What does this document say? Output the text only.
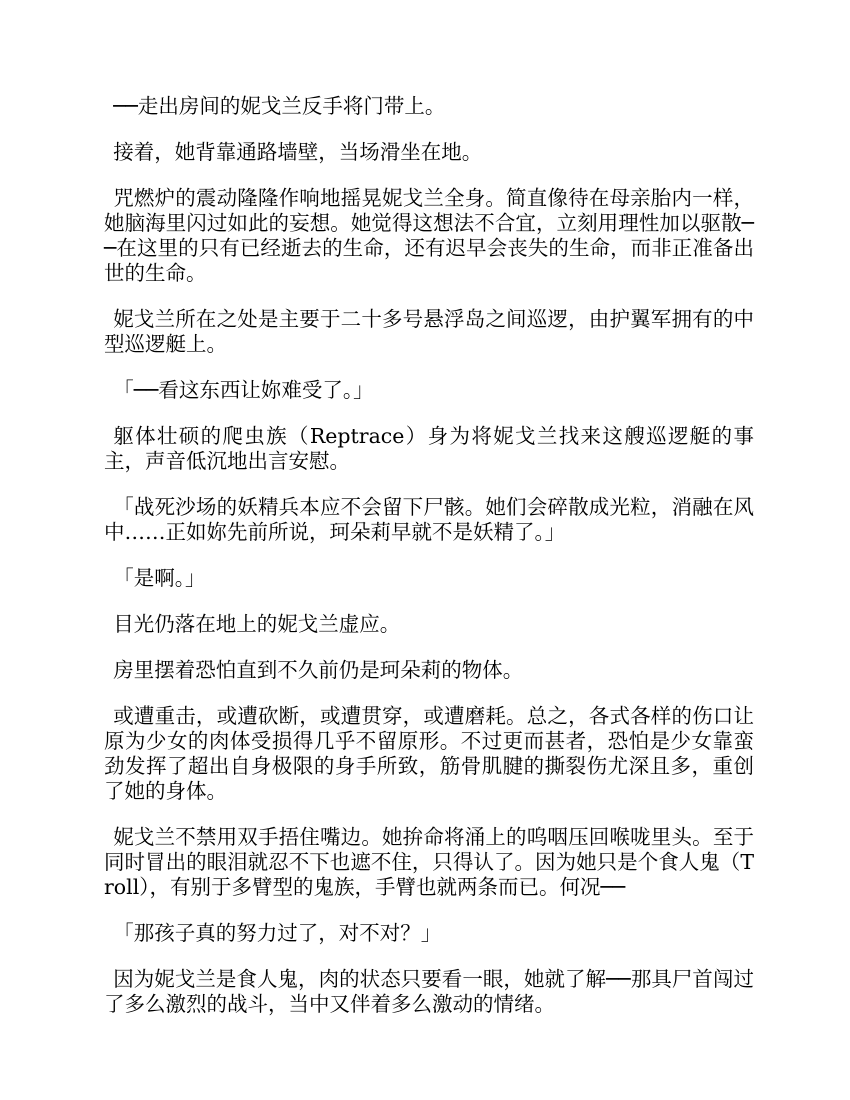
──走出房间的妮戈兰反手将门带上。

接着，她背靠通路墙壁，当场滑坐在地。

咒燃炉的震动隆隆作响地摇晃妮戈兰全身。简直像待在母亲胎内一样，她脑海里闪过如此的妄想。她觉得这想法不合宜，立刻用理性加以驱散──在这里的只有已经逝去的生命，还有迟早会丧失的生命，而非正准备出世的生命。

妮戈兰所在之处是主要于二十多号悬浮岛之间巡逻，由护翼军拥有的中型巡逻艇上。

「──看这东西让妳难受了。」

躯体壮硕的爬虫族（Reptrace）身为将妮戈兰找来这艘巡逻艇的事主，声音低沉地出言安慰。

「战死沙场的妖精兵本应不会留下尸骸。她们会碎散成光粒，消融在风中……正如妳先前所说，珂朵莉早就不是妖精了。」

「是啊。」

目光仍落在地上的妮戈兰虚应。

房里摆着恐怕直到不久前仍是珂朵莉的物体。

或遭重击，或遭砍断，或遭贯穿，或遭磨耗。总之，各式各样的伤口让原为少女的肉体受损得几乎不留原形。不过更而甚者，恐怕是少女靠蛮劲发挥了超出自身极限的身手所致，筋骨肌腱的撕裂伤尤深且多，重创了她的身体。

妮戈兰不禁用双手捂住嘴边。她拚命将涌上的呜咽压回喉咙里头。至于同时冒出的眼泪就忍不下也遮不住，只得认了。因为她只是个食人鬼（Troll），有别于多臂型的鬼族，手臂也就两条而已。何况──

「那孩子真的努力过了，对不对？」

因为妮戈兰是食人鬼，肉的状态只要看一眼，她就了解──那具尸首闯过了多么激烈的战斗，当中又伴着多么激动的情绪。
